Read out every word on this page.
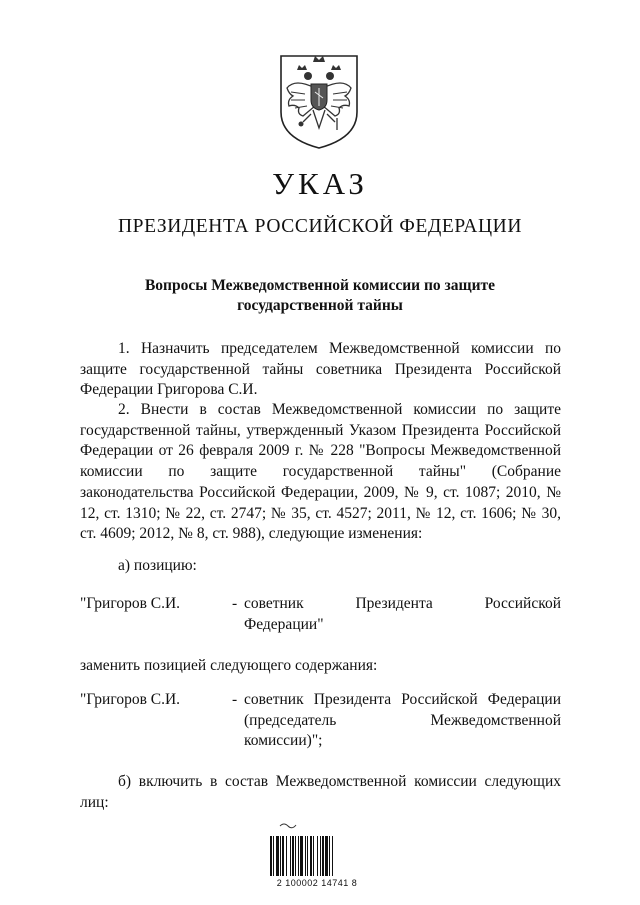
УКАЗ
ПРЕЗИДЕНТА РОССИЙСКОЙ ФЕДЕРАЦИИ
Вопросы Межведомственной комиссии по защите
государственной тайны

1. Назначить председателем Межведомственной комиссии по защите государственной тайны советника Президента Российской Федерации Григорова С.И.

2. Внести в состав Межведомственной комиссии по защите государственной тайны, утвержденный Указом Президента Российской Федерации от 26 февраля 2009 г. № 228 "Вопросы Межведомственной комиссии по защите государственной тайны" (Собрание законодательства Российской Федерации, 2009, № 9, ст. 1087; 2010, № 12, ст. 1310; № 22, ст. 2747; № 35, ст. 4527; 2011, № 12, ст. 1606; № 30, ст. 4609; 2012, № 8, ст. 988), следующие изменения:

а) позицию:

"Григоров С.И.	- советник Президента Российской
Федерации"

заменить позицией следующего содержания:

"Григоров С.И.	- советник Президента Российской Федерации
(председатель Межведомственной
комиссии)";

б) включить в состав Межведомственной комиссии следующих лиц:

2 100002 14741 8
